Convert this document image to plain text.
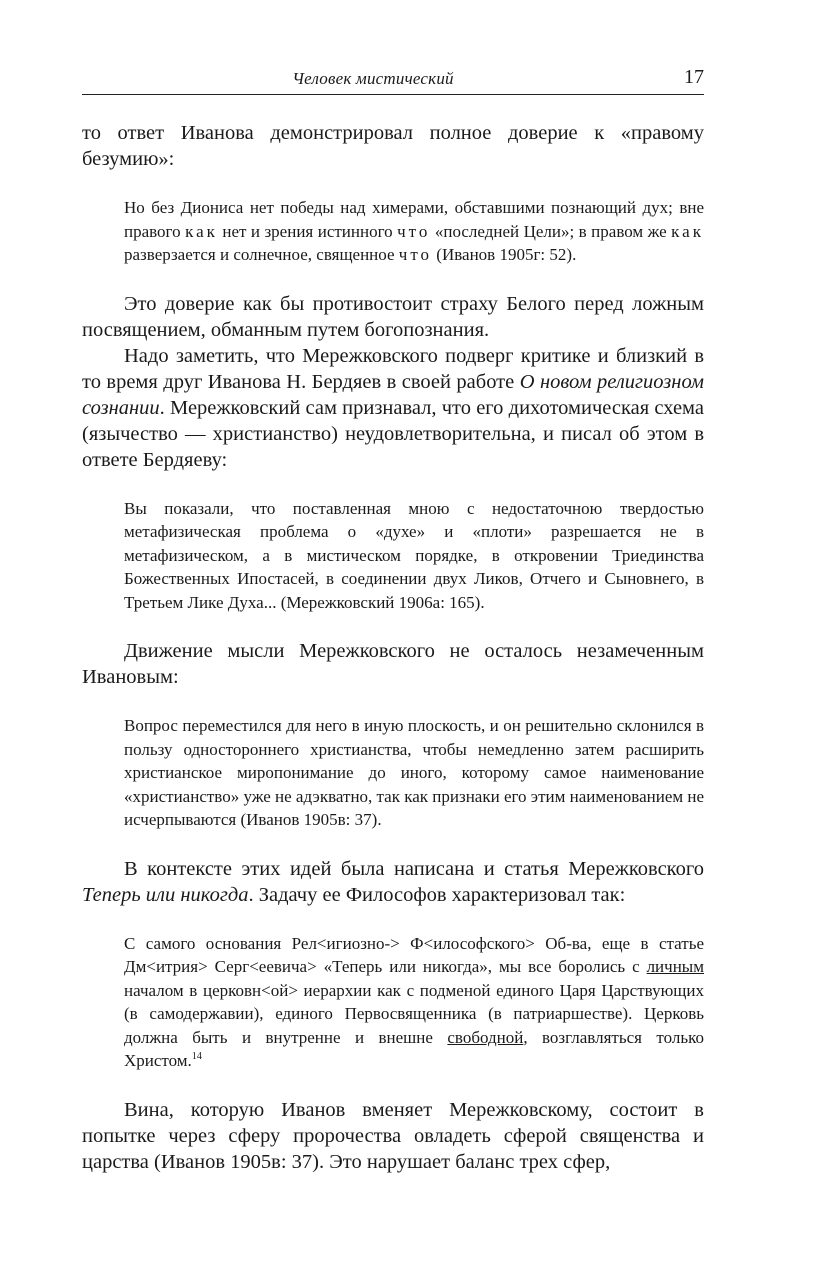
Человек мистический	17

то ответ Иванова демонстрировал полное доверие к «правому безумию»:

Но без Диониса нет победы над химерами, обставшими познающий дух; вне правого как нет и зрения истинного что «последней Цели»; в правом же как разверзается и солнечное, священное что (Иванов 1905г: 52).

Это доверие как бы противостоит страху Белого перед ложным посвящением, обманным путем богопознания.

Надо заметить, что Мережковского подверг критике и близкий в то время друг Иванова Н. Бердяев в своей работе О новом религиозном сознании. Мережковский сам признавал, что его дихотомическая схема (язычество — христианство) неудовлетворительна, и писал об этом в ответе Бердяеву:

Вы показали, что поставленная мною с недостаточною твердостью метафизическая проблема о «духе» и «плоти» разрешается не в метафизическом, а в мистическом порядке, в откровении Триединства Божественных Ипостасей, в соединении двух Ликов, Отчего и Сыновнего, в Третьем Лике Духа... (Мережковский 1906а: 165).

Движение мысли Мережковского не осталось незамеченным Ивановым:

Вопрос переместился для него в иную плоскость, и он решительно склонился в пользу одностороннего христианства, чтобы немедленно затем расширить христианское миропонимание до иного, которому самое наименование «христианство» уже не адэкватно, так как признаки его этим наименованием не исчерпываются (Иванов 1905в: 37).

В контексте этих идей была написана и статья Мережковского Теперь или никогда. Задачу ее Философов характеризовал так:

С самого основания Рел<игиозно-> Ф<илософского> Об-ва, еще в статье Дм<итрия> Серг<еевича> «Теперь или никогда», мы все боролись с личным началом в церковн<ой> иерархии как с подменой единого Царя Царствующих (в самодержавии), единого Первосвященника (в патриаршестве). Церковь должна быть и внутренне и внешне свободной, возглавляться только Христом.$^{14}$

Вина, которую Иванов вменяет Мережковскому, состоит в попытке через сферу пророчества овладеть сферой священства и царства (Иванов 1905в: 37). Это нарушает баланс трех сфер,
